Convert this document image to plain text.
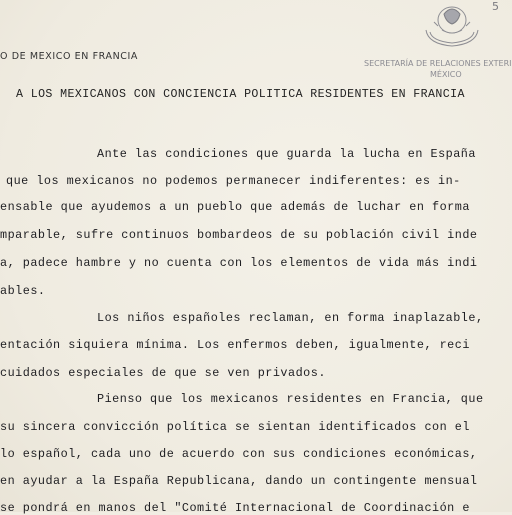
5
O DE MEXICO EN FRANCIA
SECRETARÍA DE RELACIONES EXTERI
MÉXICO
A LOS MEXICANOS CON CONCIENCIA POLITICA RESIDENTES EN FRANCIA
Ante las condiciones que guarda la lucha en España
que los mexicanos no podemos permanecer indiferentes: es in-
ensable que ayudemos a un pueblo que además de luchar en forma
mparable, sufre continuos bombardeos de su población civil inde
a, padece hambre y no cuenta con los elementos de vida más indi
ables.
Los niños españoles reclaman, en forma inaplazable,
entación siquiera mínima. Los enfermos deben, igualmente, reci
cuidados especiales de que se ven privados.
Pienso que los mexicanos residentes en Francia, que
su sincera convicción política se sientan identificados con el
lo español, cada uno de acuerdo con sus condiciones económicas,
en ayudar a la España Republicana, dando un contingente mensual
se pondrá en manos del "Comité Internacional de Coordinación e
